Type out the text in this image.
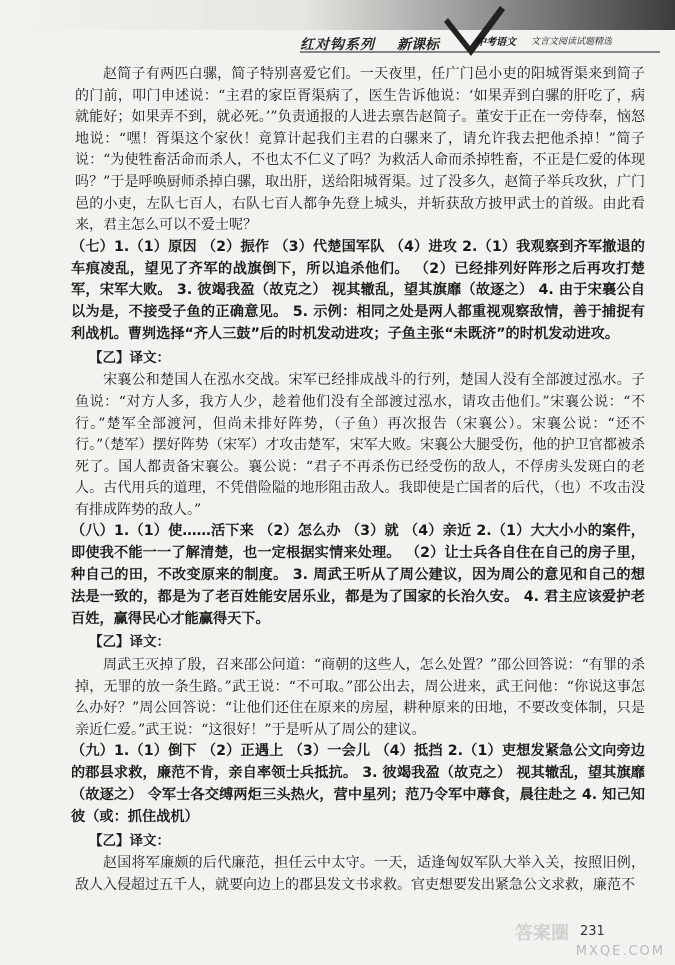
红对钩系列 新课标	中考语文 文言文阅读试题精选

赵简子有两匹白骡，简子特别喜爱它们。一天夜里，任广门邑小吏的阳城胥渠来到简子的门前，叩门申述说：“主君的家臣胥渠病了，医生告诉他说：‘如果弄到白骡的肝吃了，病就能好；如果弄不到，就必死。’”负责通报的人进去禀告赵简子。董安于正在一旁侍奉，恼怒地说：“嘿！胥渠这个家伙！竟算计起我们主君的白骡来了，请允许我去把他杀掉！”简子说：“为使牲畜活命而杀人，不也太不仁义了吗？为救活人命而杀掉牲畜，不正是仁爱的体现吗？”于是呼唤厨师杀掉白骡，取出肝，送给阳城胥渠。过了没多久，赵简子举兵攻狄，广门邑的小吏，左队七百人，右队七百人都争先登上城头，并斩获敌方披甲武士的首级。由此看来，君主怎么可以不爱士呢？

（七）1.（1）原因 （2）振作 （3）代楚国军队 （4）进攻 2.（1）我观察到齐军撤退的车痕凌乱，望见了齐军的战旗倒下，所以追杀他们。 （2）已经排列好阵形之后再攻打楚军，宋军大败。 3. 彼竭我盈（故克之） 视其辙乱，望其旗靡（故逐之） 4. 由于宋襄公自以为是，不接受子鱼的正确意见。 5. 示例：相同之处是两人都重视观察敌情，善于捕捉有利战机。曹刿选择“齐人三鼓”后的时机发动进攻；子鱼主张“未既济”的时机发动进攻。

【乙】译文：

宋襄公和楚国人在泓水交战。宋军已经排成战斗的行列，楚国人没有全部渡过泓水。子鱼说：“对方人多，我方人少，趁着他们没有全部渡过泓水，请攻击他们。”宋襄公说：“不行。”楚军全部渡河，但尚未排好阵势，（子鱼）再次报告（宋襄公）。宋襄公说：“还不行。”（楚军）摆好阵势（宋军）才攻击楚军，宋军大败。宋襄公大腿受伤，他的护卫官都被杀死了。国人都责备宋襄公。襄公说：“君子不再杀伤已经受伤的敌人，不俘虏头发斑白的老人。古代用兵的道理，不凭借险隘的地形阻击敌人。我即使是亡国者的后代，（也）不攻击没有排成阵势的敌人。”

（八）1.（1）使……活下来 （2）怎么办 （3）就 （4）亲近 2.（1）大大小小的案件，即使我不能一一了解清楚，也一定根据实情来处理。 （2）让士兵各自住在自己的房子里，种自己的田，不改变原来的制度。 3. 周武王听从了周公建议，因为周公的意见和自己的想法是一致的，都是为了老百姓能安居乐业，都是为了国家的长治久安。 4. 君主应该爱护老百姓，赢得民心才能赢得天下。

【乙】译文：

周武王灭掉了殷，召来邵公问道：“商朝的这些人，怎么处置？”邵公回答说：“有罪的杀掉，无罪的放一条生路。”武王说：“不可取。”邵公出去，周公进来，武王问他：“你说这事怎么办好？”周公回答说：“让他们还住在原来的房屋，耕种原来的田地，不要改变体制，只是亲近仁爱。”武王说：“这很好！”于是听从了周公的建议。

（九）1.（1）倒下 （2）正遇上 （3）一会儿 （4）抵挡 2.（1）吏想发紧急公文向旁边的郡县求救，廉范不肯，亲自率领士兵抵抗。 3. 彼竭我盈（故克之） 视其辙乱，望其旗靡（故逐之） 令军士各交缚两炬三头热火，营中星列；范乃令军中蓐食，晨往赴之 4. 知己知彼（或：抓住战机）

【乙】译文：

赵国将军廉颇的后代廉范，担任云中太守。一天，适逢匈奴军队大举入关，按照旧例，敌人入侵超过五千人，就要向边上的郡县发文书求救。官吏想要发出紧急公文求救，廉范不

231
答案圈
MXQE.COM
